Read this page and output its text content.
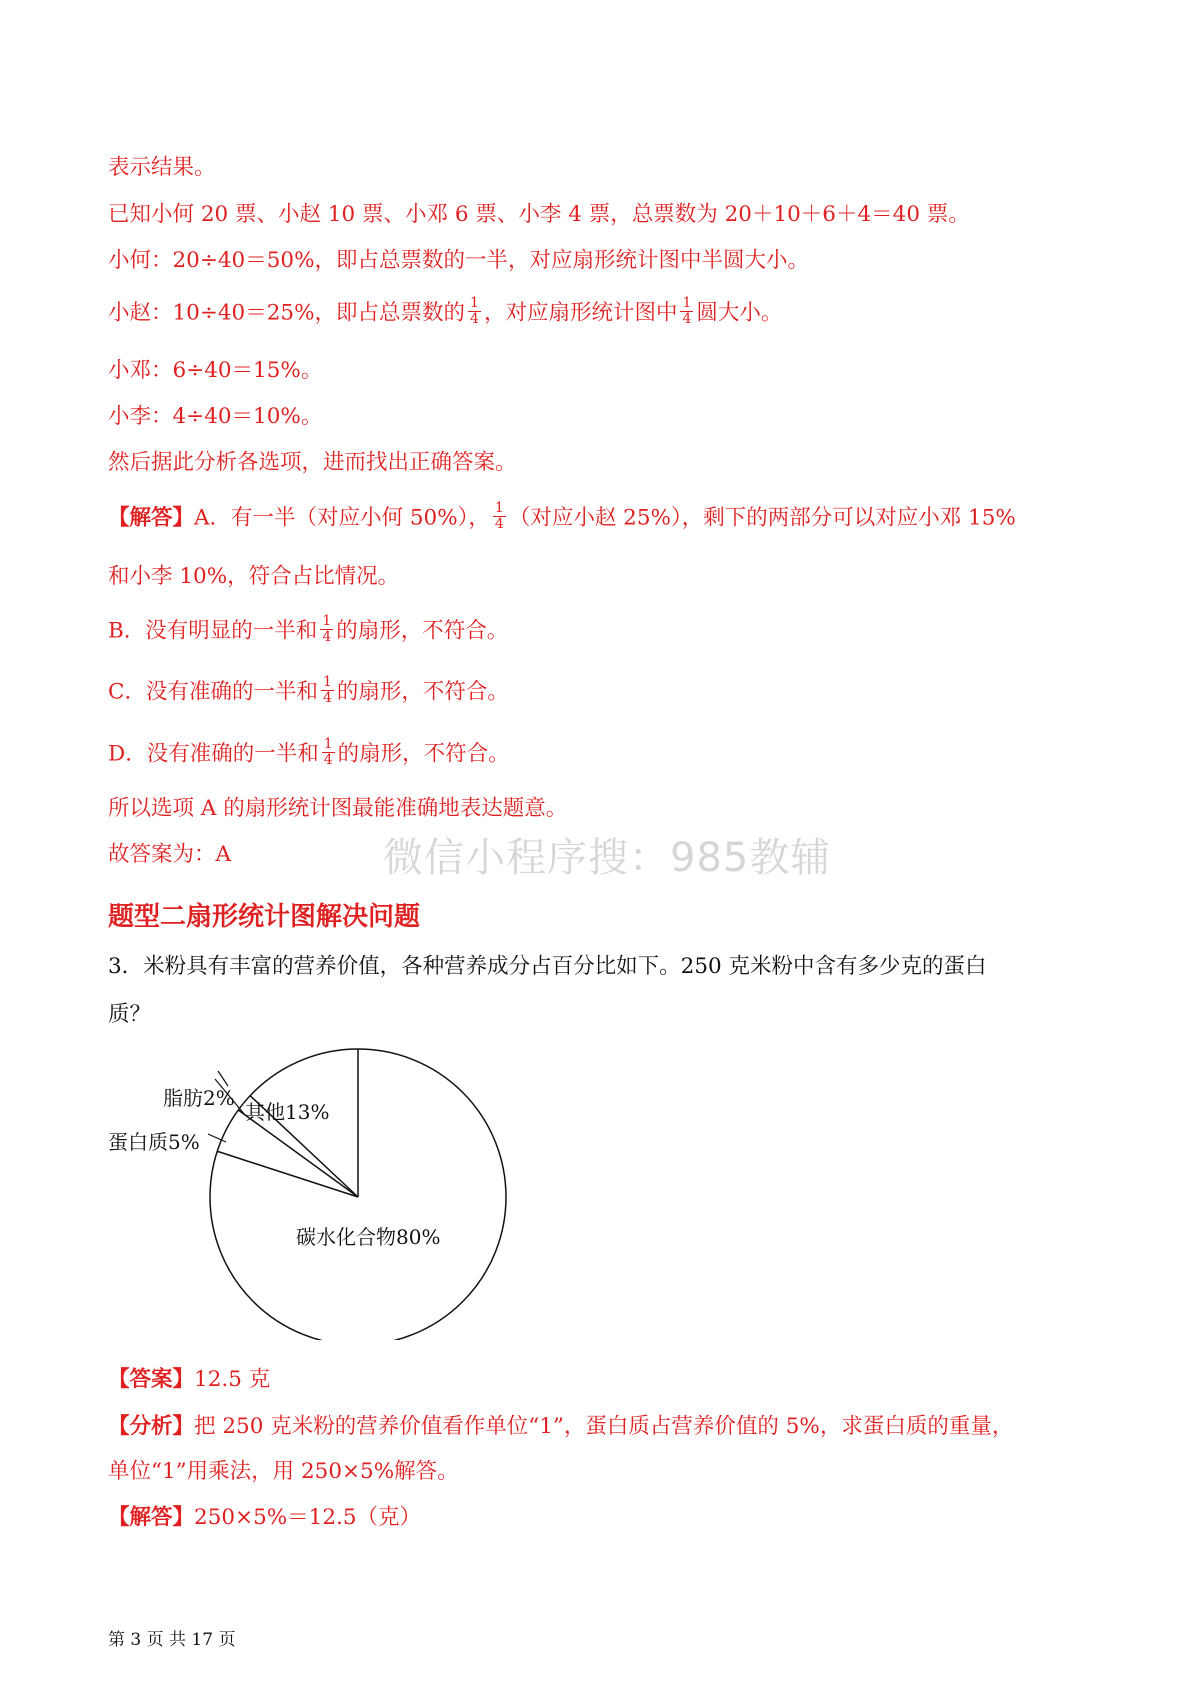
表示结果。
已知小何 20 票、小赵 10 票、小邓 6 票、小李 4 票，总票数为 20＋10＋6＋4＝40 票。
小何：20÷40＝50%，即占总票数的一半，对应扇形统计图中半圆大小。
小赵：10÷40＝25%，即占总票数的 $\frac{1}{4}$ ，对应扇形统计图中 $\frac{1}{4}$ 圆大小。
小邓：6÷40＝15%。
小李：4÷40＝10%。
然后据此分析各选项，进而找出正确答案。
【解答】A．有一半（对应小何 50%）， $\frac{1}{4}$ （对应小赵 25%），剩下的两部分可以对应小邓 15%
和小李 10%，符合占比情况。
B．没有明显的一半和 $\frac{1}{4}$ 的扇形，不符合。
C．没有准确的一半和 $\frac{1}{4}$ 的扇形，不符合。
D．没有准确的一半和 $\frac{1}{4}$ 的扇形，不符合。
所以选项 A 的扇形统计图最能准确地表达题意。
故答案为：A	微信小程序搜：985教辅
题型二扇形统计图解决问题
3．米粉具有丰富的营养价值，各种营养成分占百分比如下。250 克米粉中含有多少克的蛋白
质？
碳水化合物80%
蛋白质5%
脂肪2%
其他13%
【答案】12.5 克
【分析】把 250 克米粉的营养价值看作单位“1”，蛋白质占营养价值的 5%，求蛋白质的重量，
单位“1”用乘法，用 250×5%解答。
【解答】250×5%＝12.5（克）
第 3 页 共 17 页
